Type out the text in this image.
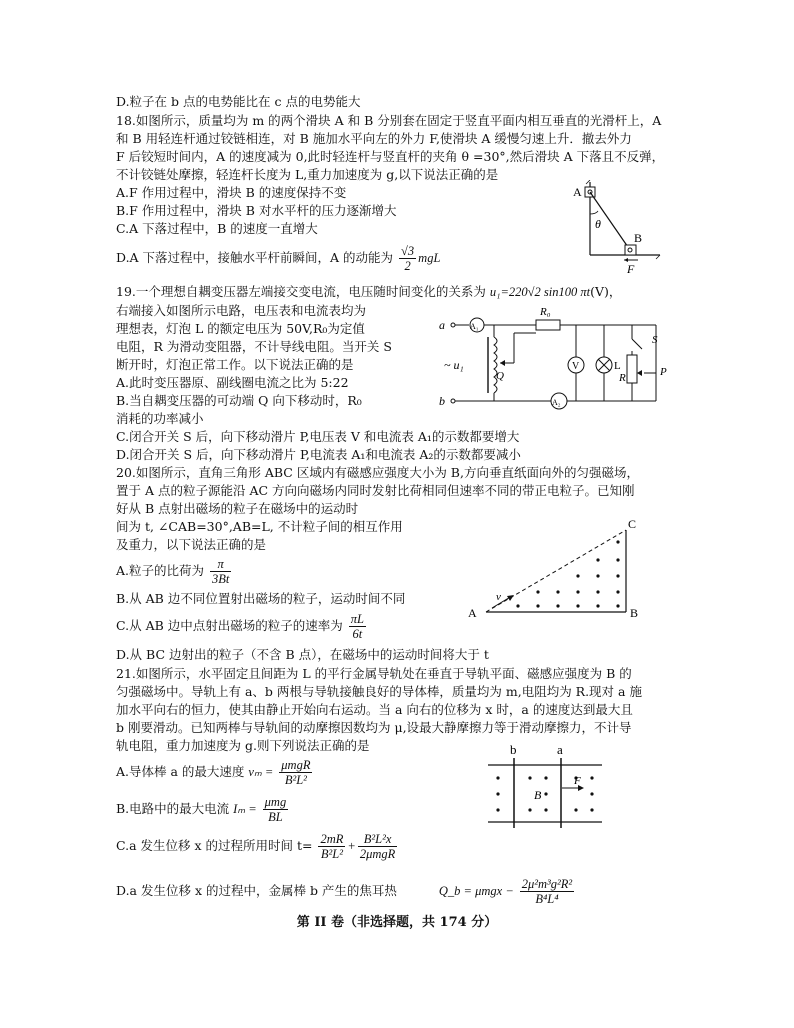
D.粒子在 b 点的电势能比在 c 点的电势能大
18.如图所示，质量均为 m 的两个滑块 A 和 B 分别套在固定于竖直平面内相互垂直的光滑杆上，A
和 B 用轻连杆通过铰链相连，对 B 施加水平向左的外力 F,使滑块 A 缓慢匀速上升．撤去外力
F 后铰短时间内，A 的速度减为 0,此时轻连杆与竖直杆的夹角 θ =30°,然后滑块 A 下落且不反弹，
不计铰链处摩擦，轻连杆长度为 L,重力加速度为 g,以下说法正确的是
A.F 作用过程中，滑块 B 的速度保持不变
B.F 作用过程中，滑块 B 对水平杆的压力逐渐增大
C.A 下落过程中，B 的速度一直增大
D.A 下落过程中，接触水平杆前瞬间，A 的动能为 $\frac{√3}{2}$ mgL
19.一个理想自耦变压器左端接交变电流，电压随时间变化的关系为 u₁=220√2 sin100 πt(V)，
右端接入如图所示电路，电压表和电流表均为
理想表，灯泡 L 的额定电压为 50V,R₀为定值
电阻，R 为滑动变阻器，不计导线电阻。当开关 S
断开时，灯泡正常工作。以下说法正确的是
A.此时变压器原、副线圈电流之比为 5:22
B.当自耦变压器的可动端 Q 向下移动时，R₀
消耗的功率减小
C.闭合开关 S 后，向下移动滑片 P,电压表 V 和电流表 A₁的示数都要增大
D.闭合开关 S 后，向下移动滑片 P,电流表 A₁和电流表 A₂的示数都要减小
20.如图所示，直角三角形 ABC 区域内有磁感应强度大小为 B,方向垂直纸面向外的匀强磁场，
置于 A 点的粒子源能沿 AC 方向向磁场内同时发射比荷相同但速率不同的带正电粒子。已知刚
好从 B 点射出磁场的粒子在磁场中的运动时
间为 t, ∠CAB=30°,AB=L, 不计粒子间的相互作用
及重力，以下说法正确的是
A.粒子的比荷为 $\frac{\pi}{3Bt}$
B.从 AB 边不同位置射出磁场的粒子，运动时间不同
C.从 AB 边中点射出磁场的粒子的速率为 $\frac{\pi L}{6t}$
D.从 BC 边射出的粒子（不含 B 点），在磁场中的运动时间将大于 t
21.如图所示，水平固定且间距为 L 的平行金属导轨处在垂直于导轨平面、磁感应强度为 B 的
匀强磁场中。导轨上有 a、b 两根与导轨接触良好的导体棒，质量均为 m,电阻均为 R.现对 a 施
加水平向右的恒力，使其由静止开始向右运动。当 a 向右的位移为 x 时，a 的速度达到最大且
b 刚要滑动。已知两棒与导轨间的动摩擦因数均为 μ,设最大静摩擦力等于滑动摩擦力，不计导
轨电阻，重力加速度为 g.则下列说法正确的是
A.导体棒 a 的最大速度 $v_m = \frac{\text{μmgR}}{\text{B²L²}}$
B.电路中的最大电流 $I_m = \frac{\text{μmg}}{BL}$
C.a 发生位移 x 的过程所用时间 $t= \frac{2mR}{\text{B²L²}} + \frac{\text{B²L²x}}{\text{2μmgR}}$
D.a 发生位移 x 的过程中，金属棒 b 产生的焦耳热	Q_b = $\mu mgx - \frac{\text{2μ²m³g²R²}}{\text{B⁴L⁴}}$
第 II 卷（非选择题，共 174 分）
A
θ
B
F
a
b
A₁
A₂
R₀
V	L
R	P
S
Q
~ u₁
C
A	B
v
b	a
B
F
